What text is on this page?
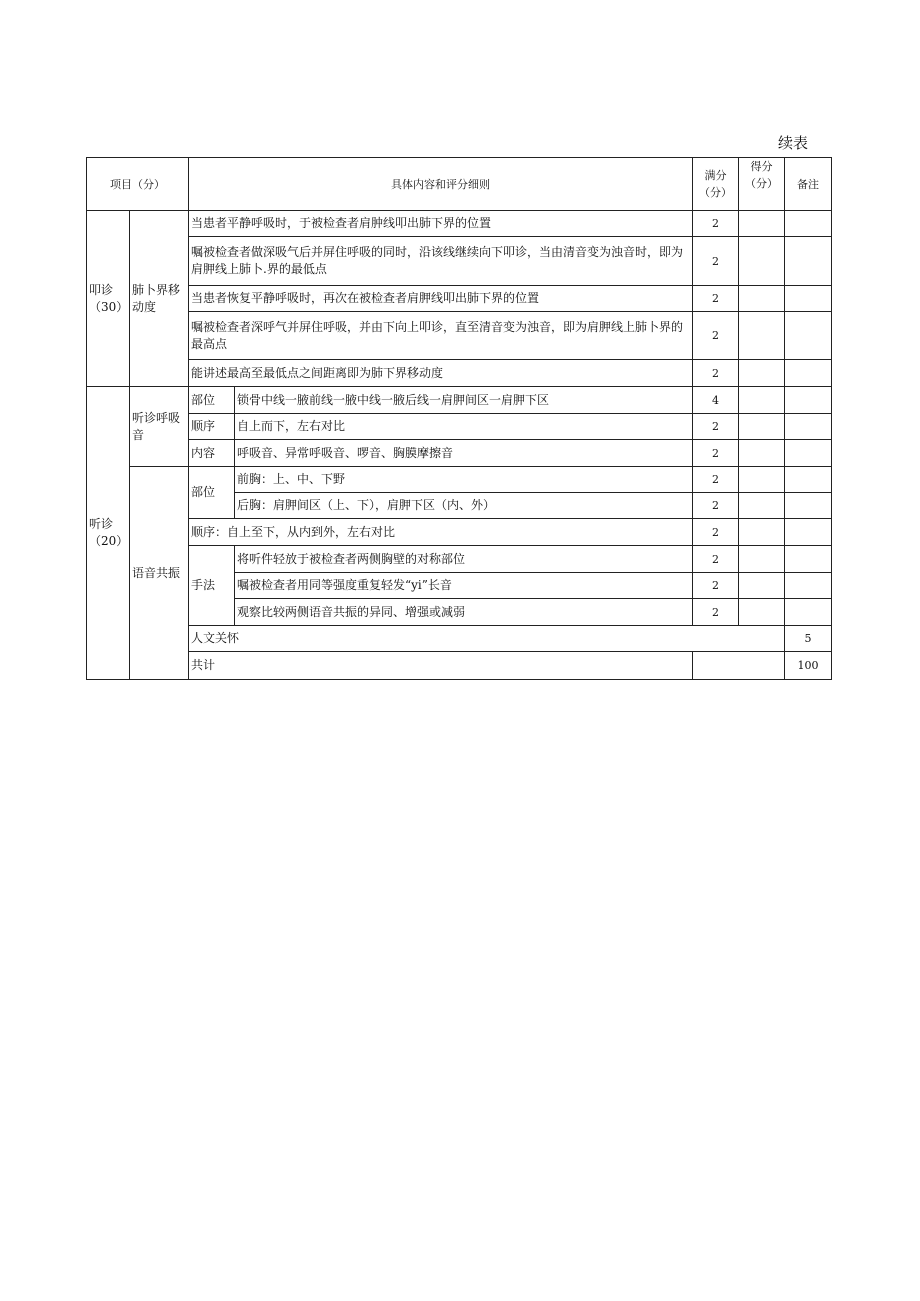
续表
项目（分）		具体内容和评分细则		满分（分）	得分（分）	备注	
叩诊（30）	肺卜界移动度	当患者平静呼吸时，于被检查者肩肿线叩出肺下界的位置		2			
		嘱被检查者做深吸气后并屏住呼吸的同时，沿该线继续向下叩诊，当由清音变为浊音时，即为肩胛线上肺卜.界的最低点		2			
		当患者恢复平静呼吸时，再次在被检查者肩胛线叩出肺下界的位置		2			
		嘱被检查者深呼气并屏住呼吸，并由下向上叩诊，直至清音变为浊音，即为肩胛线上肺卜界的最高点		2			
		能讲述最高至最低点之间距离即为肺下界移动度		2			
听诊（20）	听诊呼吸音	部位	锁骨中线一腋前线一腋中线一腋后线一肩胛间区一肩胛下区	4			
		顺序	自上而下，左右对比	2			
		内容	呼吸音、异常呼吸音、啰音、胸膜摩擦音	2			
	语音共振	部位	前胸：上、中、下野	2			
			后胸：肩胛间区（上、下），肩胛下区（内、外）	2			
		顺序：自上至下，从内到外，左右对比		2			
		手法	将听件轻放于被检查者两侧胸壁的对称部位	2			
			嘱被检查者用同等强度重复轻发“yi”长音	2			
			观察比较两侧语音共振的异同、增强或减弱	2			
		人文关怀				5		
		共计				100		
